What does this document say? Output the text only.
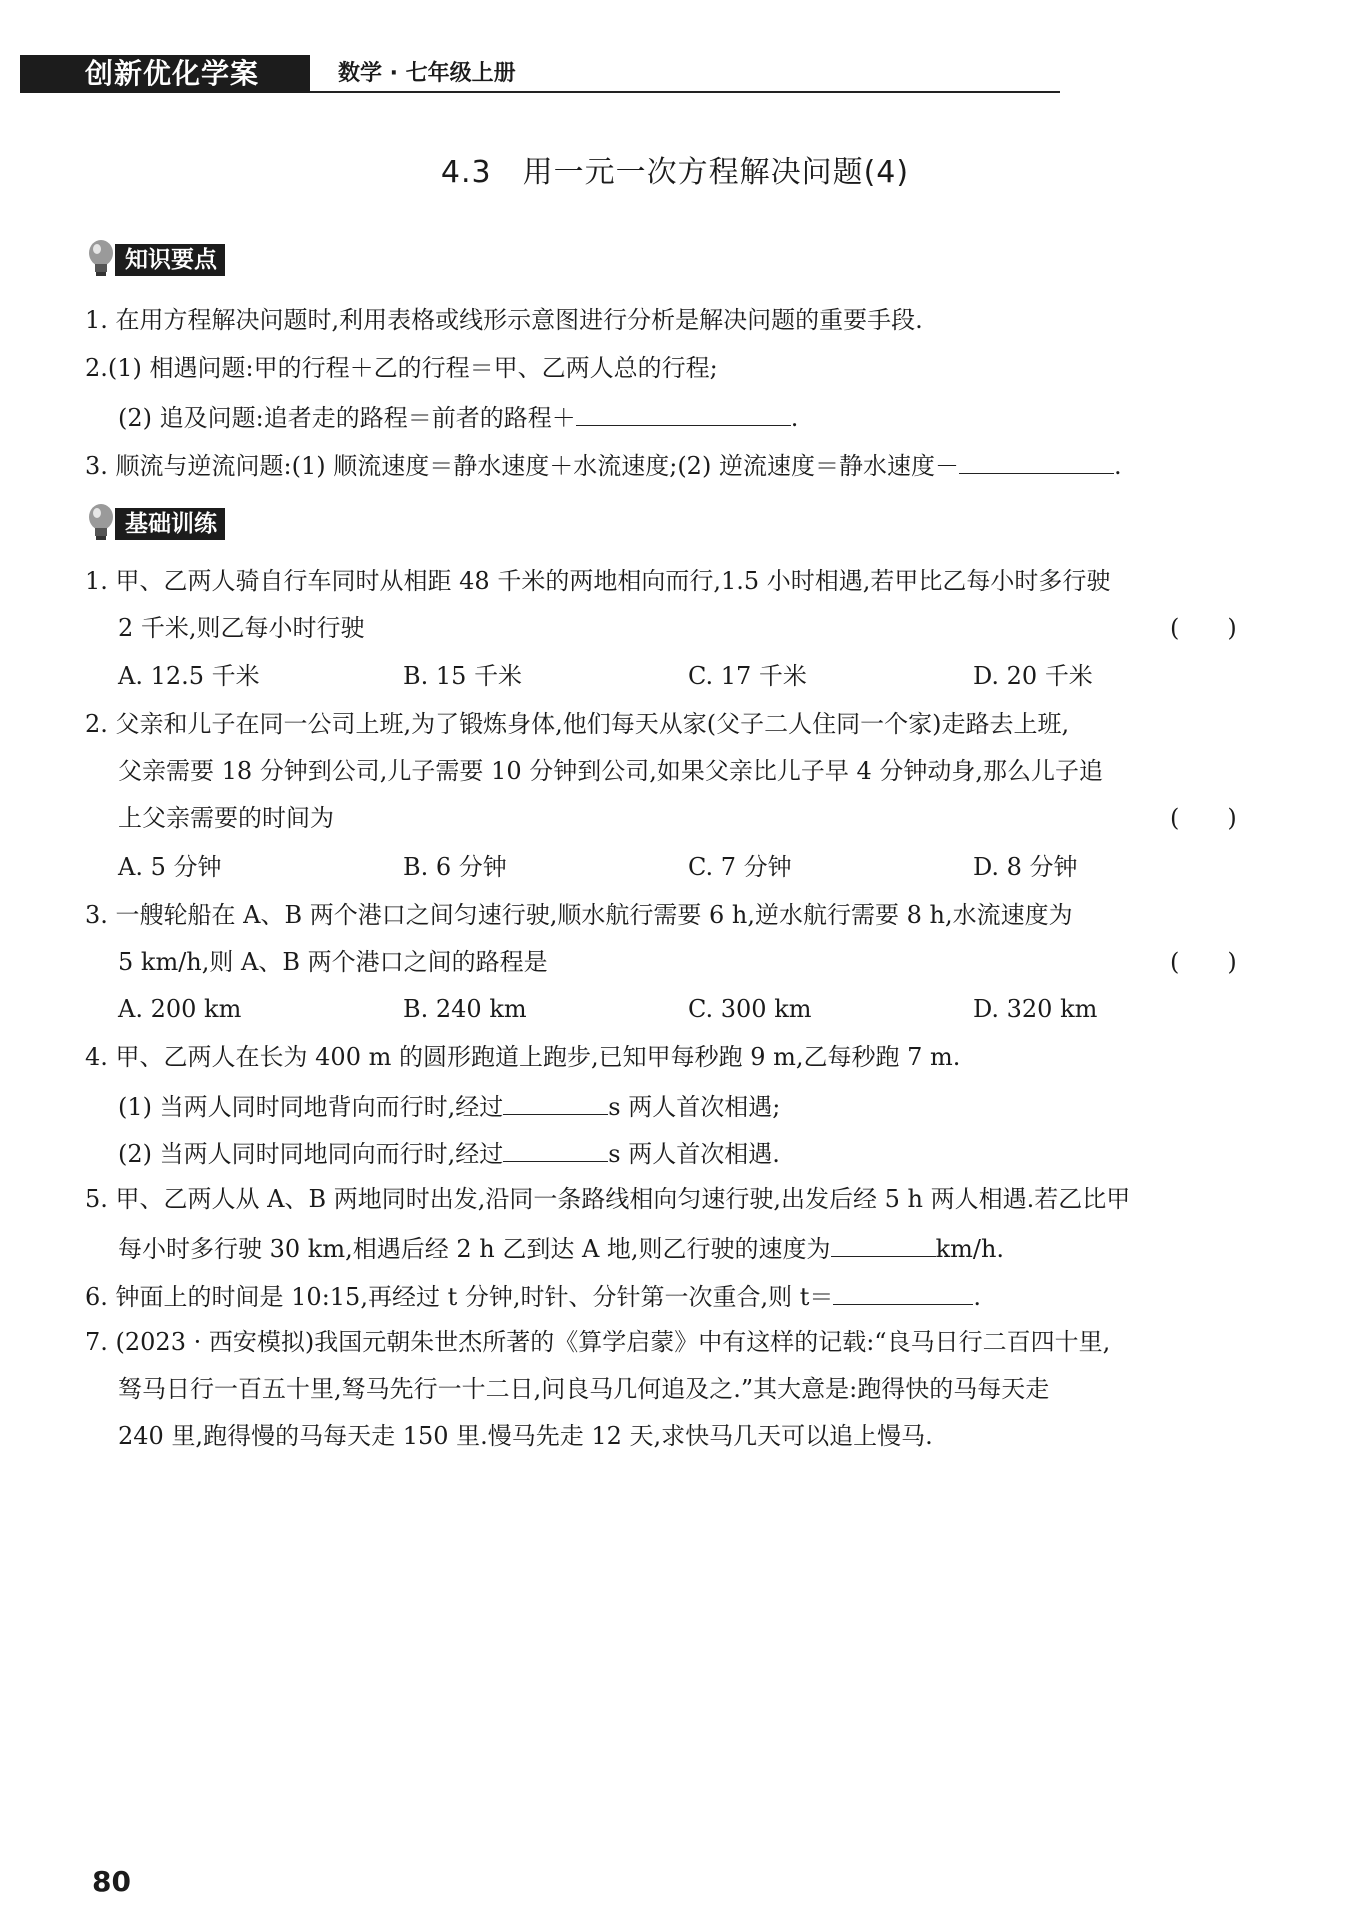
创新优化学案	数学 · 七年级上册
4.3　用一元一次方程解决问题(4)
知识要点
1. 在用方程解决问题时,利用表格或线形示意图进行分析是解决问题的重要手段.
2.(1) 相遇问题:甲的行程＋乙的行程＝甲、乙两人总的行程;
(2) 追及问题:追者走的路程＝前者的路程＋	.
3. 顺流与逆流问题:(1) 顺流速度＝静水速度＋水流速度;(2) 逆流速度＝静水速度－	.
基础训练
1. 甲、乙两人骑自行车同时从相距 48 千米的两地相向而行,1.5 小时相遇,若甲比乙每小时多行驶
2 千米,则乙每小时行驶	(　　)
A. 12.5 千米	B. 15 千米	C. 17 千米	D. 20 千米
2. 父亲和儿子在同一公司上班,为了锻炼身体,他们每天从家(父子二人住同一个家)走路去上班,
父亲需要 18 分钟到公司,儿子需要 10 分钟到公司,如果父亲比儿子早 4 分钟动身,那么儿子追
上父亲需要的时间为	(　　)
A. 5 分钟	B. 6 分钟	C. 7 分钟	D. 8 分钟
3. 一艘轮船在 A、B 两个港口之间匀速行驶,顺水航行需要 6 h,逆水航行需要 8 h,水流速度为
5 km/h,则 A、B 两个港口之间的路程是	(　　)
A. 200 km	B. 240 km	C. 300 km	D. 320 km
4. 甲、乙两人在长为 400 m 的圆形跑道上跑步,已知甲每秒跑 9 m,乙每秒跑 7 m.
(1) 当两人同时同地背向而行时,经过	s 两人首次相遇;
(2) 当两人同时同地同向而行时,经过	s 两人首次相遇.
5. 甲、乙两人从 A、B 两地同时出发,沿同一条路线相向匀速行驶,出发后经 5 h 两人相遇.若乙比甲
每小时多行驶 30 km,相遇后经 2 h 乙到达 A 地,则乙行驶的速度为	km/h.
6. 钟面上的时间是 10:15,再经过 t 分钟,时针、分针第一次重合,则 t＝	.
7. (2023 · 西安模拟)我国元朝朱世杰所著的《算学启蒙》中有这样的记载:“良马日行二百四十里,
驽马日行一百五十里,驽马先行一十二日,问良马几何追及之.”其大意是:跑得快的马每天走
240 里,跑得慢的马每天走 150 里.慢马先走 12 天,求快马几天可以追上慢马.
80
